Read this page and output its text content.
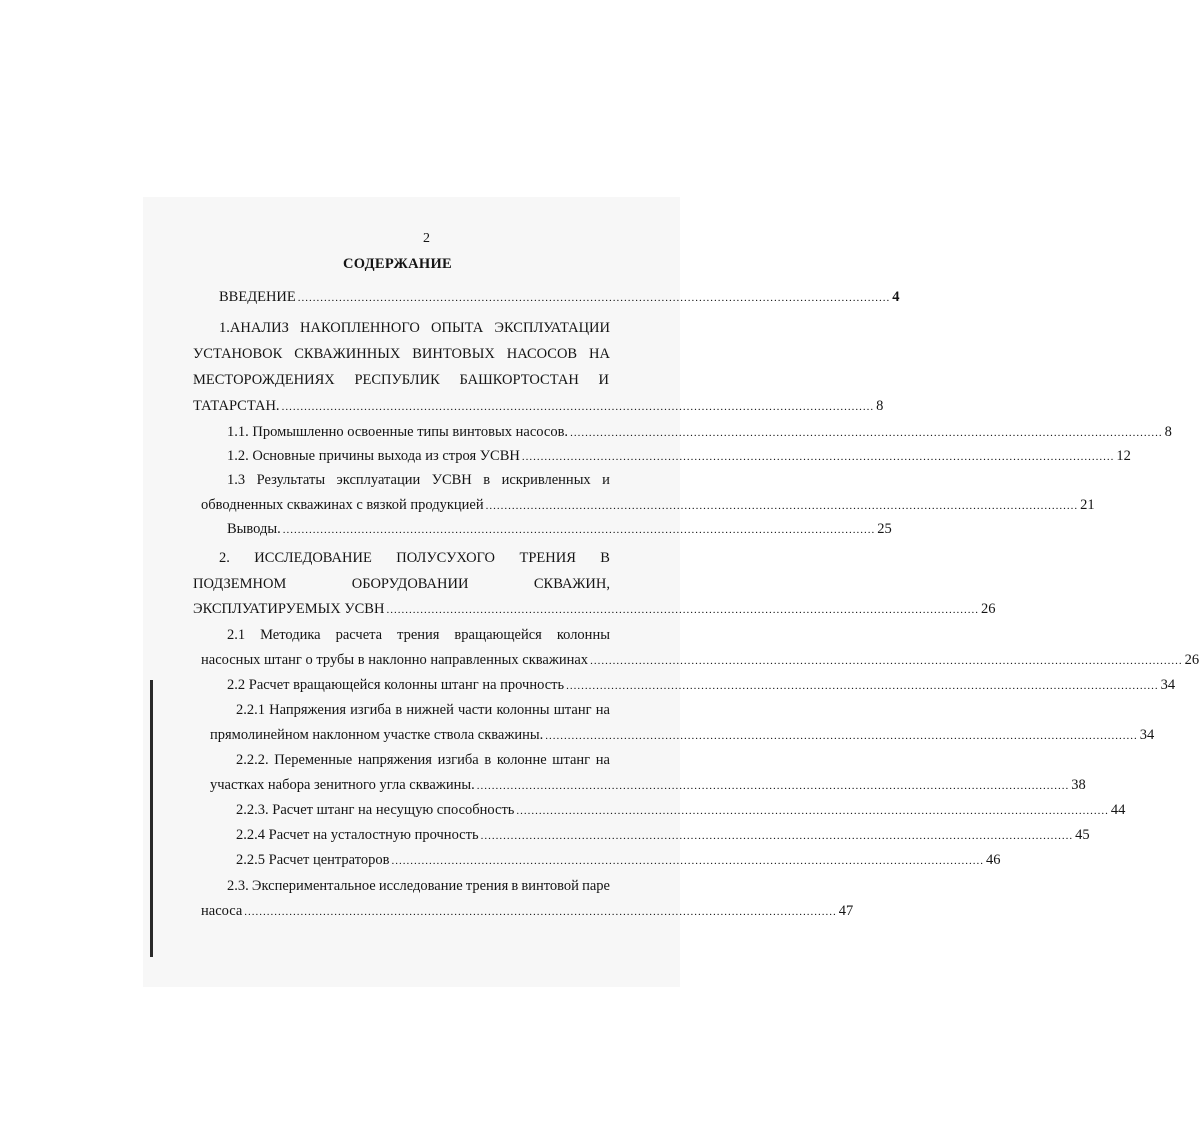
2
СОДЕРЖАНИЕ
ВВЕДЕНИЕ .............................................................................................................................................................. 4
1.АНАЛИЗ НАКОПЛЕННОГО ОПЫТА ЭКСПЛУАТАЦИИ
УСТАНОВОК СКВАЖИННЫХ ВИНТОВЫХ НАСОСОВ НА
МЕСТОРОЖДЕНИЯХ РЕСПУБЛИК БАШКОРТОСТАН И
ТАТАРСТАН. .............................................................................................................................................................. 8
1.1. Промышленно освоенные типы винтовых насосов. .............................................................................................................................................................. 8
1.2. Основные причины выхода из строя УСВН .............................................................................................................................................................. 12
1.3 Результаты эксплуатации УСВН в искривленных и
обводненных скважинах с вязкой продукцией .............................................................................................................................................................. 21
Выводы. .............................................................................................................................................................. 25
2. ИССЛЕДОВАНИЕ ПОЛУСУХОГО ТРЕНИЯ В
ПОДЗЕМНОМ	ОБОРУДОВАНИИ	СКВАЖИН,
ЭКСПЛУАТИРУЕМЫХ УСВН .............................................................................................................................................................. 26
2.1 Методика расчета трения вращающейся колонны
насосных штанг о трубы в наклонно направленных скважинах .............................................................................................................................................................. 26
2.2 Расчет вращающейся колонны штанг на прочность .............................................................................................................................................................. 34
2.2.1 Напряжения изгиба в нижней части колонны штанг на
прямолинейном наклонном участке ствола скважины. .............................................................................................................................................................. 34
2.2.2. Переменные напряжения изгиба в колонне штанг на
участках набора зенитного угла скважины. .............................................................................................................................................................. 38
2.2.3. Расчет штанг на несущую способность .............................................................................................................................................................. 44
2.2.4 Расчет на усталостную прочность .............................................................................................................................................................. 45
2.2.5 Расчет центраторов .............................................................................................................................................................. 46
2.3. Экспериментальное исследование трения в винтовой паре
насоса .............................................................................................................................................................. 47
